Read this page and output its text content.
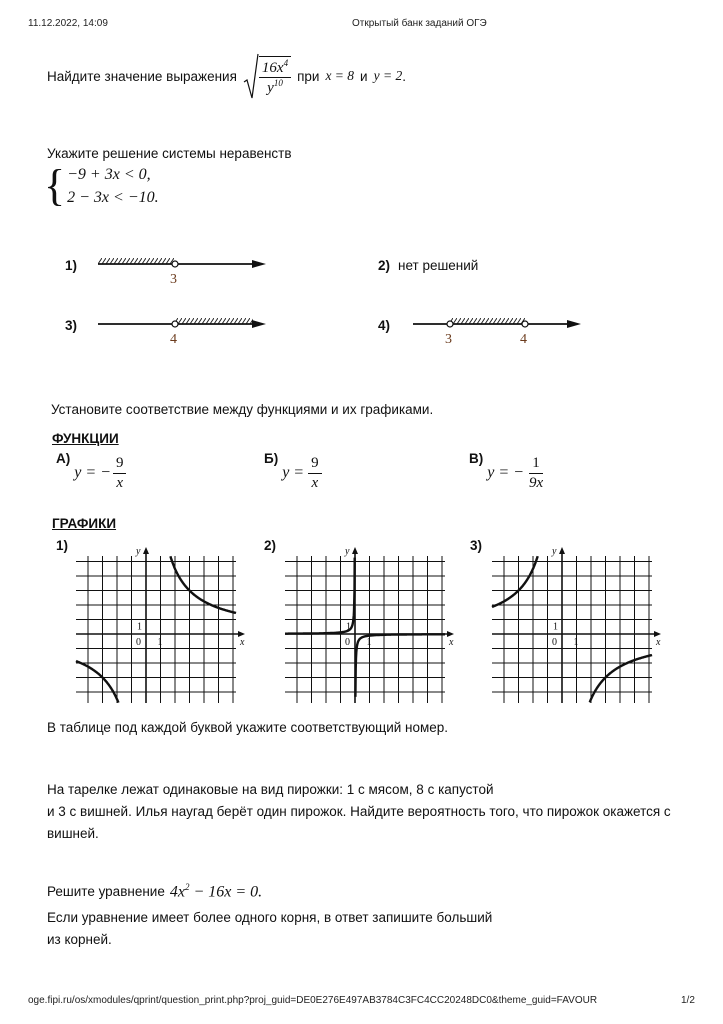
11.12.2022, 14:09	Открытый банк заданий ОГЭ
Найдите значение выражения $\frac{16x^4}{y^{10}}$ при x = 8 и y = 2 .
Укажите решение системы неравенств
{ −9 + 3x < 0,
2 − 3x < −10.
1)
3
2) нет решений
3)
4
4)
3	4
Установите соответствие между функциями и их графиками.
ФУНКЦИИ
А)
y = − $\frac{9}{x}$	Б)
$y = \frac{9}{x}$	В)
y = − $\frac{1}{9x}$
ГРАФИКИ
1)	2)	3)
y
x
0 1
1
y
x
0 1
1
y
x
0 1
1
В таблице под каждой буквой укажите соответствующий номер.
На тарелке лежат одинаковые на вид пирожки: 1 с мясом, 8 с капустой
и 3 с вишней. Илья наугад берёт один пирожок. Найдите вероятность того, что пирожок окажется с
вишней.
Решите уравнение $4x^2 - 16x = 0$.
Если уравнение имеет более одного корня, в ответ запишите больший
из корней.
oge.fipi.ru/os/xmodules/qprint/question_print.php?proj_guid=DE0E276E497AB3784C3FC4CC20248DC0&theme_guid=FAVOUR	1/2
